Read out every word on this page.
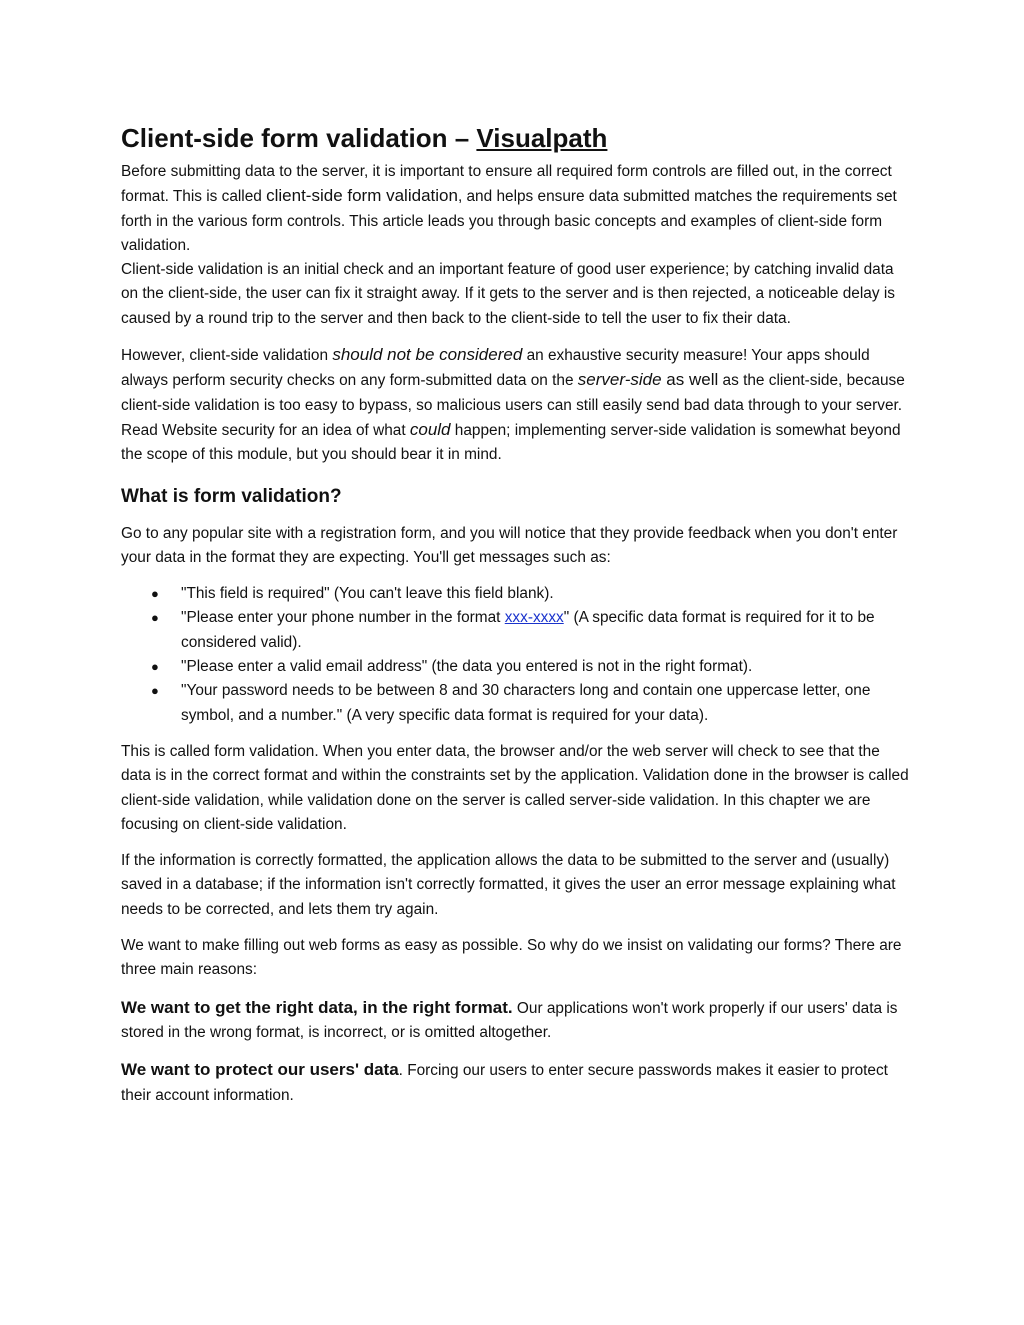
Client-side form validation – Visualpath

Before submitting data to the server, it is important to ensure all required form controls are filled out, in the correct format. This is called client-side form validation, and helps ensure data submitted matches the requirements set forth in the various form controls. This article leads you through basic concepts and examples of client-side form validation.

Client-side validation is an initial check and an important feature of good user experience; by catching invalid data on the client-side, the user can fix it straight away. If it gets to the server and is then rejected, a noticeable delay is caused by a round trip to the server and then back to the client-side to tell the user to fix their data.

However, client-side validation should not be considered an exhaustive security measure! Your apps should always perform security checks on any form-submitted data on the server-side as well as the client-side, because client-side validation is too easy to bypass, so malicious users can still easily send bad data through to your server. Read Website security for an idea of what could happen; implementing server-side validation is somewhat beyond the scope of this module, but you should bear it in mind.

What is form validation?

Go to any popular site with a registration form, and you will notice that they provide feedback when you don't enter your data in the format they are expecting. You'll get messages such as:

● "This field is required" (You can't leave this field blank).
● "Please enter your phone number in the format xxx-xxxx" (A specific data format is required for it to be considered valid).
● "Please enter a valid email address" (the data you entered is not in the right format).
● "Your password needs to be between 8 and 30 characters long and contain one uppercase letter, one symbol, and a number." (A very specific data format is required for your data).

This is called form validation. When you enter data, the browser and/or the web server will check to see that the data is in the correct format and within the constraints set by the application. Validation done in the browser is called client-side validation, while validation done on the server is called server-side validation. In this chapter we are focusing on client-side validation.

If the information is correctly formatted, the application allows the data to be submitted to the server and (usually) saved in a database; if the information isn't correctly formatted, it gives the user an error message explaining what needs to be corrected, and lets them try again.

We want to make filling out web forms as easy as possible. So why do we insist on validating our forms? There are three main reasons:

We want to get the right data, in the right format. Our applications won't work properly if our users' data is stored in the wrong format, is incorrect, or is omitted altogether.

We want to protect our users' data. Forcing our users to enter secure passwords makes it easier to protect their account information.
